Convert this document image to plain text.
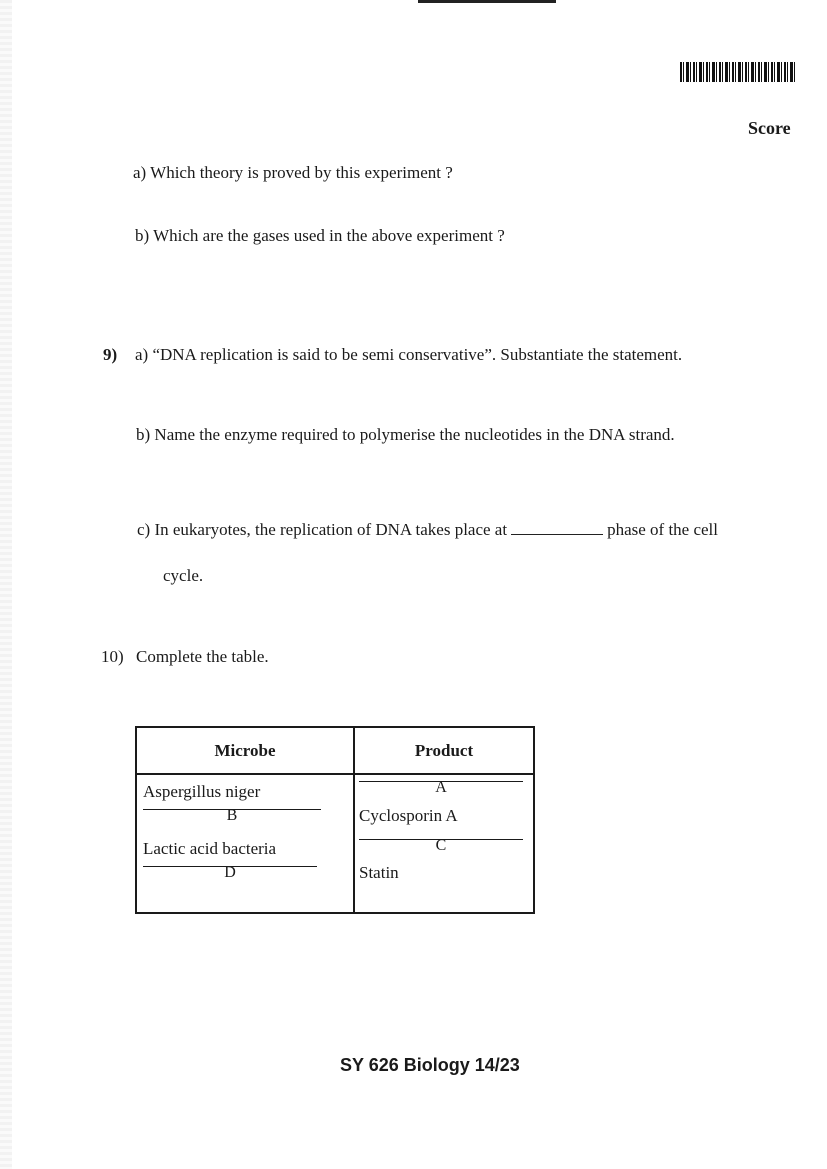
Score
a) Which theory is proved by this experiment ?
b) Which are the gases used in the above experiment ?
9) a) “DNA replication is said to be semi conservative”. Substantiate the statement.
b) Name the enzyme required to polymerise the nucleotides in the DNA strand.
c) In eukaryotes, the replication of DNA takes place at	phase of the cell
cycle.
10) Complete the table.
Microbe	Product
Aspergillus niger	A
B	Cyclosporin A
Lactic acid bacteria	C
D	Statin
SY 626 Biology 14/23
